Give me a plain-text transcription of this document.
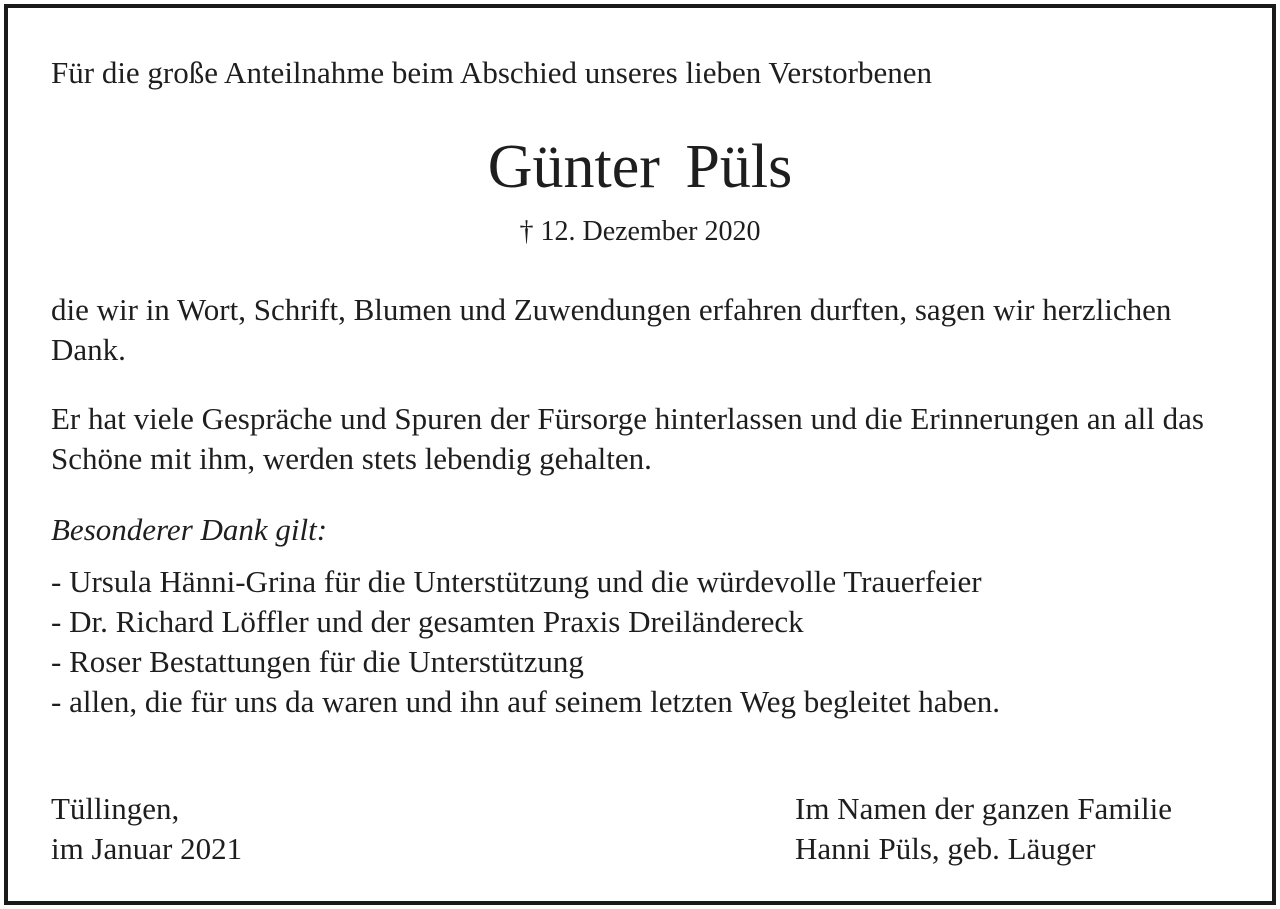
Für die große Anteilnahme beim Abschied unseres lieben Verstorbenen
Günter Püls
† 12. Dezember 2020
die wir in Wort, Schrift, Blumen und Zuwendungen erfahren durften, sagen wir herzlichen Dank.
Er hat viele Gespräche und Spuren der Fürsorge hinterlassen und die Erinnerungen an all das Schöne mit ihm, werden stets lebendig gehalten.
Besonderer Dank gilt:
- Ursula Hänni-Grina für die Unterstützung und die würdevolle Trauerfeier
- Dr. Richard Löffler und der gesamten Praxis Dreiländereck
- Roser Bestattungen für die Unterstützung
- allen, die für uns da waren und ihn auf seinem letzten Weg begleitet haben.
Tüllingen,
im Januar 2021
Im Namen der ganzen Familie
Hanni Püls, geb. Läuger
